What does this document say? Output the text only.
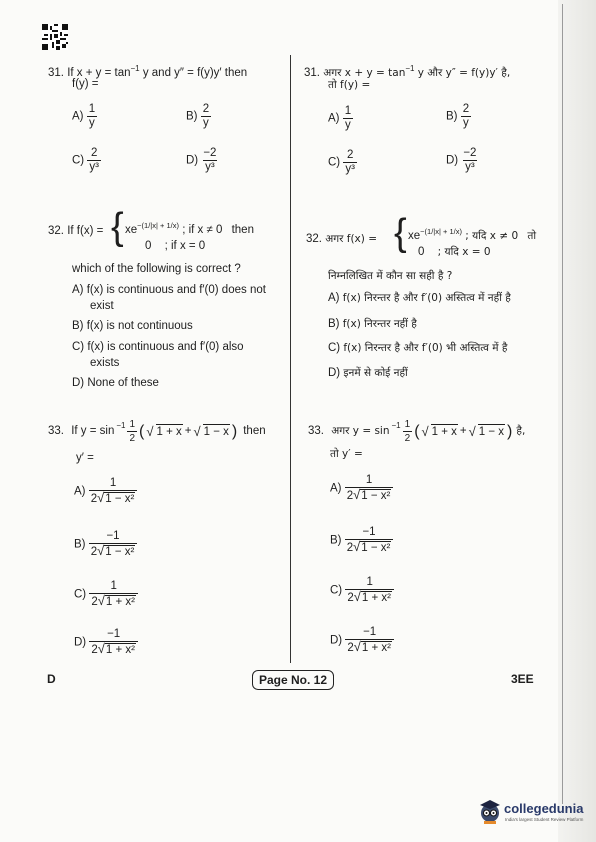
31. If $x + y = \tan^{-1} y$ and y″ = f(y)y′ then
f(y) =
$A) \frac{1}{y}$	$B) \frac{2}{y}$
$C) \frac{2}{\text{y³}}$	$D) \frac{-2}{\text{y³}}$
32. If f(x) = { $xe^{-(1/|x| + 1/x)}$ ; if x ≠ 0 then
0 ; if x = 0
which of the following is correct ?
A) f(x) is continuous and f′(0) does not
exist
B) f(x) is not continuous
C) f(x) is continuous and f′(0) also
exists
D) None of these
33.
If $y = \sin ^{-1} \frac{1}{2}$ ( √ 1 + x + √ 1 − x ) then
y′ =
$A) \frac{1}{\text{2√1 − x²}}$
$B) \frac{-1}{\text{2√1 − x²}}$
$C) \frac{1}{\text{2√1 + x²}}$
$D) \frac{-1}{\text{2√1 + x²}}$
31. अगर $x + y = \tan^{-1} y$ और y″ = f(y)y′ है,
तो f(y) =
$A) \frac{1}{y}$	$B) \frac{2}{y}$
$C) \frac{2}{\text{y³}}$	$D) \frac{-2}{\text{y³}}$
32. अगर f(x) = { $xe^{-(1/|x| + 1/x)}$ ; यदि x ≠ 0 तो
0 ; यदि x = 0
निम्नलिखित में कौन सा सही है ?
A) f(x) निरन्तर है और f′(0) अस्तित्व में नहीं है
B) f(x) निरन्तर नहीं है
C) f(x) निरन्तर है और f′(0) भी अस्तित्व में है
D) इनमें से कोई नहीं
33.
अगर $y = \sin ^{-1} \frac{1}{2}$ ( √ 1 + x + √ 1 − x ) है,
तो y′ =
$A) \frac{1}{\text{2√1 − x²}}$
$B) \frac{-1}{\text{2√1 − x²}}$
$C) \frac{1}{\text{2√1 + x²}}$
$D) \frac{-1}{\text{2√1 + x²}}$
D	Page No. 12	3EE
collegedunia
India's largest Student Review Platform
